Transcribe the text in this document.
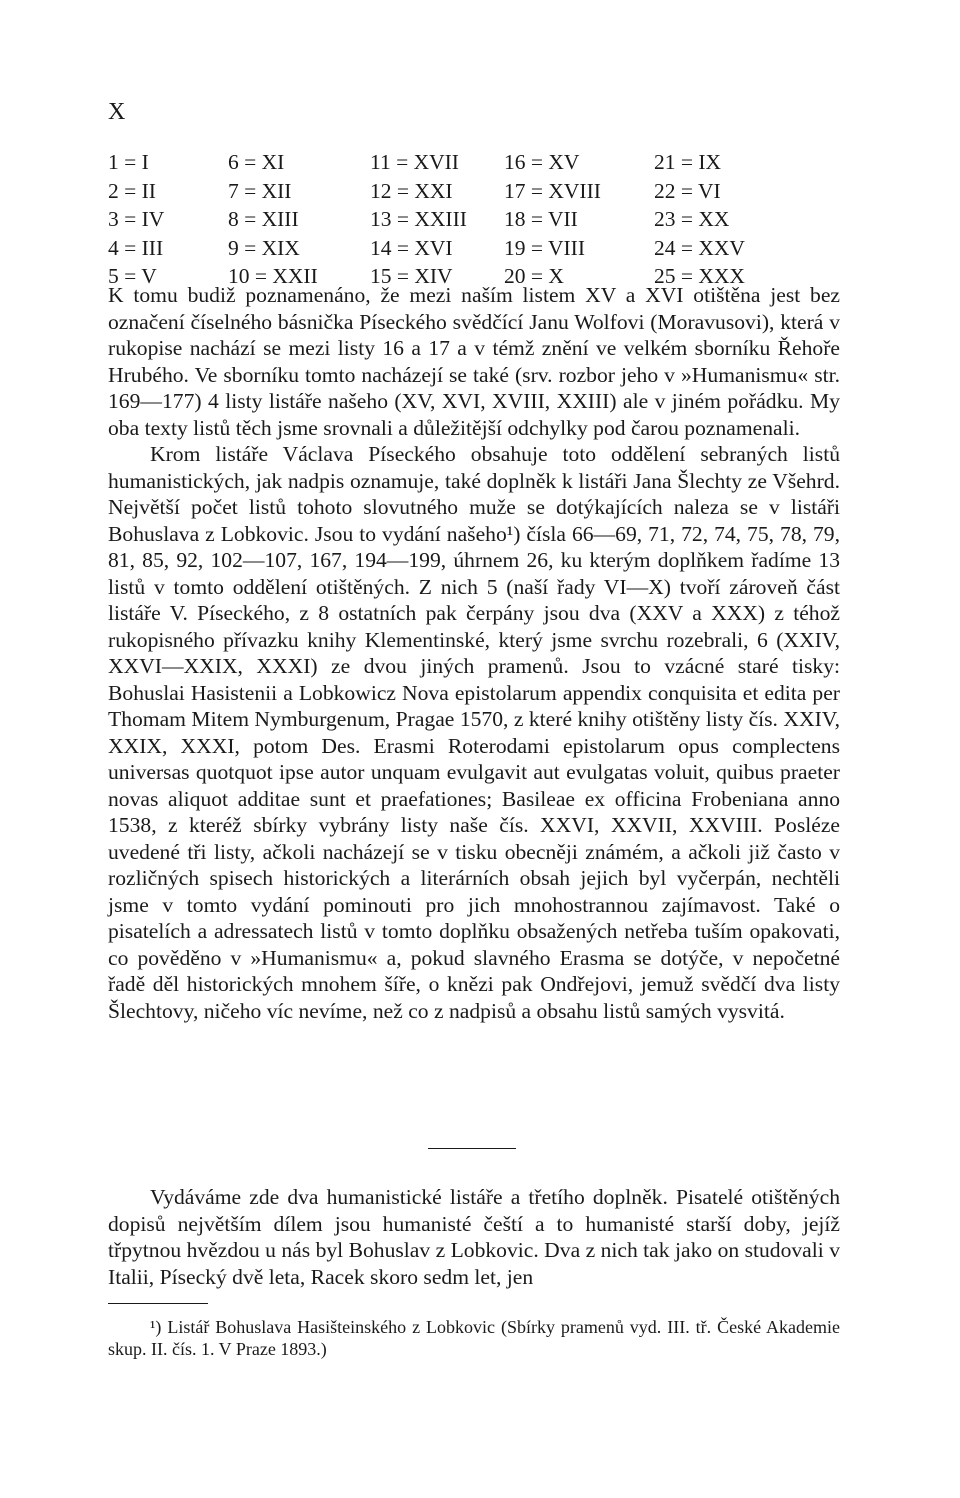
X
1 = I
2 = II
3 = IV
4 = III
5 = V
6 = XI
7 = XII
8 = XIII
9 = XIX
10 = XXII
11 = XVII
12 = XXI
13 = XXIII
14 = XVI
15 = XIV
16 = XV
17 = XVIII
18 = VII
19 = VIII
20 = X
21 = IX
22 = VI
23 = XX
24 = XXV
25 = XXX

K tomu budiž poznamenáno, že mezi naším listem XV a XVI otištěna jest bez označení číselného básnička Píseckého svědčící Janu Wolfovi (Moravusovi), která v rukopise nachází se mezi listy 16 a 17 a v témž znění ve velkém sborníku Řehoře Hrubého. Ve sborníku tomto nacházejí se také (srv. rozbor jeho v »Humanismu« str. 169—177) 4 listy listáře našeho (XV, XVI, XVIII, XXIII) ale v jiném pořádku. My oba texty listů těch jsme srovnali a důležitější odchylky pod čarou poznamenali.

Krom listáře Václava Píseckého obsahuje toto oddělení sebraných listů humanistických, jak nadpis oznamuje, také doplněk k listáři Jana Šlechty ze Všehrd. Největší počet listů tohoto slovutného muže se dotýkajících naleza se v listáři Bohuslava z Lobkovic. Jsou to vydání našeho¹) čísla 66—69, 71, 72, 74, 75, 78, 79, 81, 85, 92, 102—107, 167, 194—199, úhrnem 26, ku kterým doplňkem řadíme 13 listů v tomto oddělení otištěných. Z nich 5 (naší řady VI—X) tvoří zároveň část listáře V. Píseckého, z 8 ostatních pak čerpány jsou dva (XXV a XXX) z téhož rukopisného přívazku knihy Klementinské, který jsme svrchu rozebrali, 6 (XXIV, XXVI—XXIX, XXXI) ze dvou jiných pramenů. Jsou to vzácné staré tisky: Bohuslai Hasistenii a Lobkowicz Nova epistolarum appendix conquisita et edita per Thomam Mitem Nymburgenum, Pragae 1570, z které knihy otištěny listy čís. XXIV, XXIX, XXXI, potom Des. Erasmi Roterodami epistolarum opus complectens universas quotquot ipse autor unquam evulgavit aut evulgatas voluit, quibus praeter novas aliquot additae sunt et praefationes; Basileae ex officina Frobeniana anno 1538, z kteréž sbírky vybrány listy naše čís. XXVI, XXVII, XXVIII. Posléze uvedené tři listy, ačkoli nacházejí se v tisku obecněji známém, a ačkoli již často v rozličných spisech historických a literárních obsah jejich byl vyčerpán, nechtěli jsme v tomto vydání pominouti pro jich mnohostrannou zajímavost. Také o pisatelích a adressatech listů v tomto doplňku obsažených netřeba tuším opakovati, co pověděno v »Humanismu« a, pokud slavného Erasma se dotýče, v nepočetné řadě děl historických mnohem šíře, o knězi pak Ondřejovi, jemuž svědčí dva listy Šlechtovy, ničeho víc nevíme, než co z nadpisů a obsahu listů samých vysvitá.

Vydáváme zde dva humanistické listáře a třetího doplněk. Pisatelé otištěných dopisů největším dílem jsou humanisté čeští a to humanisté starší doby, jejíž třpytnou hvězdou u nás byl Bohuslav z Lobkovic. Dva z nich tak jako on studovali v Italii, Písecký dvě leta, Racek skoro sedm let, jen

¹) Listář Bohuslava Hasišteinského z Lobkovic (Sbírky pramenů vyd. III. tř. České Akademie skup. II. čís. 1. V Praze 1893.)
